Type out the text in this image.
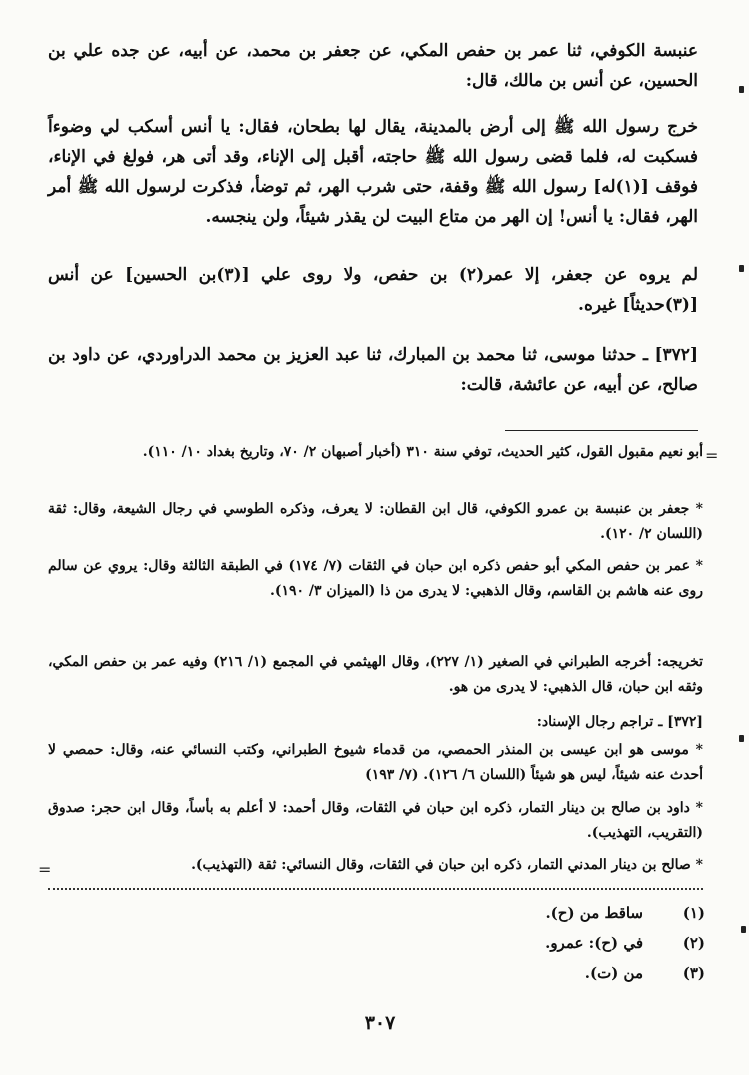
عنبسة الكوفي، ثنا عمر بن حفص المكي، عن جعفر بن محمد، عن أبيه، عن جده علي بن الحسين، عن أنس بن مالك، قال:
خرج رسول الله ﷺ إلى أرض بالمدينة، يقال لها بطحان، فقال: يا أنس أسكب لي وضوءاً فسكبت له، فلما قضى رسول الله ﷺ حاجته، أقبل إلى الإناء، وقد أتى هر، فولغ في الإناء، فوقف [(١)له] رسول الله ﷺ وقفة، حتى شرب الهر، ثم توضأ، فذكرت لرسول الله ﷺ أمر الهر، فقال: يا أنس! إن الهر من متاع البيت لن يقذر شيئاً، ولن ينجسه.
لم يروه عن جعفر، إلا عمر(٢) بن حفص، ولا روى علي [(٣)بن الحسين] عن أنس [(٣)حديثاً] غيره.
[٣٧٢] ـ حدثنا موسى، ثنا محمد بن المبارك، ثنا عبد العزيز بن محمد الدراوردي، عن داود بن صالح، عن أبيه، عن عائشة، قالت:
أبو نعيم مقبول القول، كثير الحديث، توفي سنة ٣١٠ (أخبار أصبهان ٢/ ٧٠، وتاريخ بغداد ١٠/ ١١٠).
* جعفر بن عنبسة بن عمرو الكوفي، قال ابن القطان: لا يعرف، وذكره الطوسي في رجال الشيعة، وقال: ثقة (اللسان ٢/ ١٢٠).
* عمر بن حفص المكي أبو حفص ذكره ابن حبان في الثقات (٧/ ١٧٤) في الطبقة الثالثة وقال: يروي عن سالم روى عنه هاشم بن القاسم، وقال الذهبي: لا يدرى من ذا (الميزان ٣/ ١٩٠).
تخريجه: أخرجه الطبراني في الصغير (١/ ٢٢٧)، وقال الهيثمي في المجمع (١/ ٢١٦) وفيه عمر بن حفص المكي، وثقه ابن حبان، قال الذهبي: لا يدرى من هو.
[٣٧٢] ـ تراجم رجال الإسناد:
* موسى هو ابن عيسى بن المنذر الحمصي، من قدماء شيوخ الطبراني، وكتب النسائي عنه، وقال: حمصي لا أحدث عنه شيئاً، ليس هو شيئاً (اللسان ٦/ ١٢٦). (٧/ ١٩٣)
* داود بن صالح بن دينار التمار، ذكره ابن حبان في الثقات، وقال أحمد: لا أعلم به بأساً، وقال ابن حجر: صدوق (التقريب، التهذيب).
* صالح بن دينار المدني التمار، ذكره ابن حبان في الثقات، وقال النسائي: ثقة (التهذيب).
(١)
ساقط من (ح).
(٢)
في (ح): عمرو.
(٣)
من (ت).
٣٠٧
=
=
